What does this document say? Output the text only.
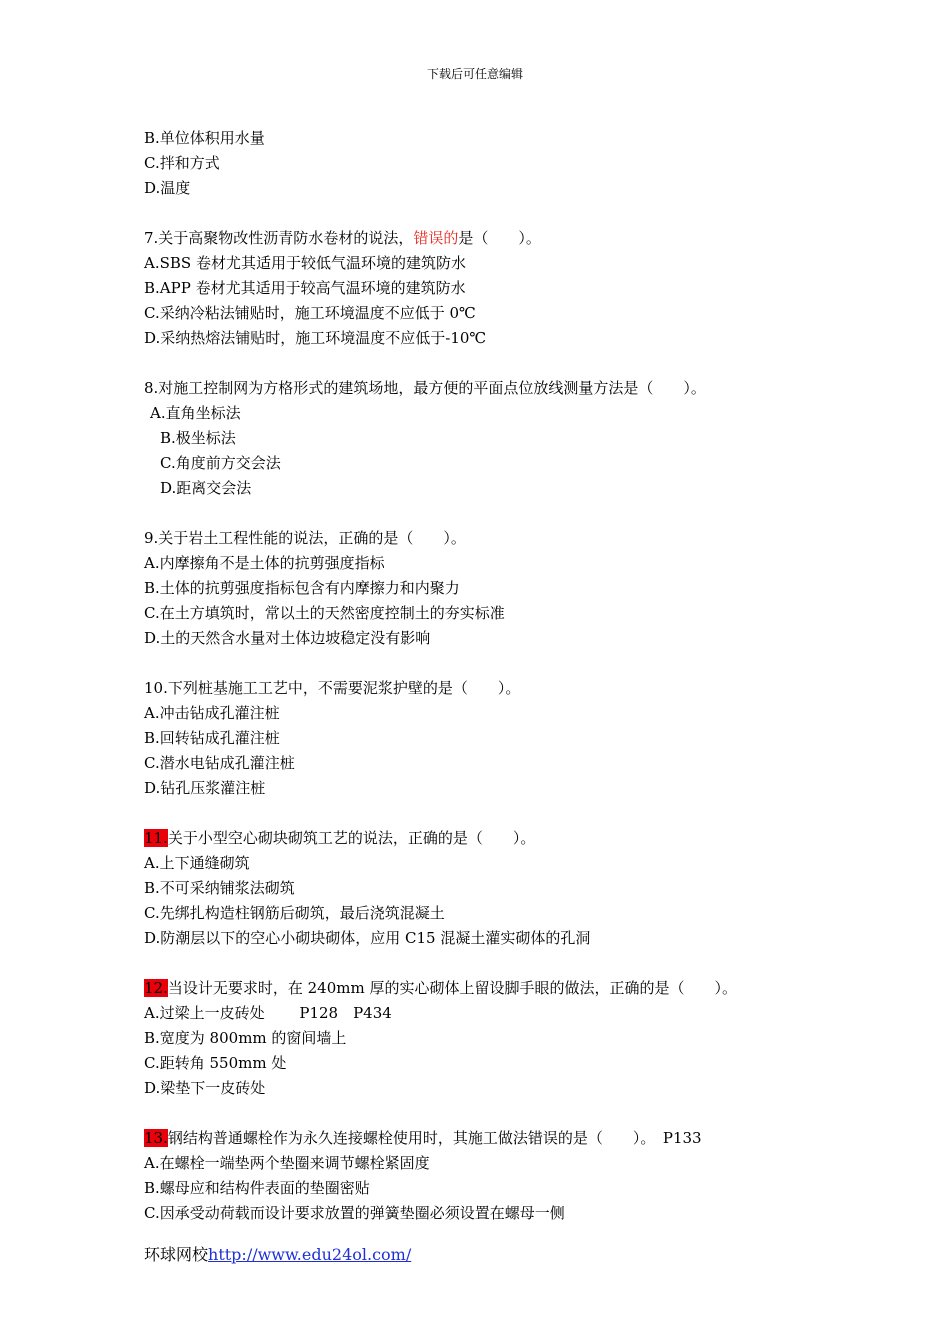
下载后可任意编辑
B.单位体积用水量
C.拌和方式
D.温度
7.关于高聚物改性沥青防水卷材的说法，错误的是（　　）。
A.SBS 卷材尤其适用于较低气温环境的建筑防水
B.APP 卷材尤其适用于较高气温环境的建筑防水
C.采纳冷粘法铺贴时，施工环境温度不应低于 0℃
D.采纳热熔法铺贴时，施工环境温度不应低于-10℃
8.对施工控制网为方格形式的建筑场地，最方便的平面点位放线测量方法是（　　）。
A.直角坐标法
B.极坐标法
C.角度前方交会法
D.距离交会法
9.关于岩土工程性能的说法，正确的是（　　）。
A.内摩擦角不是土体的抗剪强度指标
B.土体的抗剪强度指标包含有内摩擦力和内聚力
C.在土方填筑时，常以土的天然密度控制土的夯实标准
D.土的天然含水量对土体边坡稳定没有影响
10.下列桩基施工工艺中，不需要泥浆护壁的是（　　）。
A.冲击钻成孔灌注桩
B.回转钻成孔灌注桩
C.潜水电钻成孔灌注桩
D.钻孔压浆灌注桩
11.关于小型空心砌块砌筑工艺的说法，正确的是（　　）。
A.上下通缝砌筑
B.不可采纳铺浆法砌筑
C.先绑扎构造柱钢筋后砌筑，最后浇筑混凝土
D.防潮层以下的空心小砌块砌体，应用 C15 混凝土灌实砌体的孔洞
12.当设计无要求时，在 240mm 厚的实心砌体上留设脚手眼的做法，正确的是（　　）。
A.过梁上一皮砖处　　 P128　P434
B.宽度为 800mm 的窗间墙上
C.距转角 550mm 处
D.梁垫下一皮砖处
13.钢结构普通螺栓作为永久连接螺栓使用时，其施工做法错误的是（　　）。　P133
A.在螺栓一端垫两个垫圈来调节螺栓紧固度
B.螺母应和结构件表面的垫圈密贴
C.因承受动荷载而设计要求放置的弹簧垫圈必须设置在螺母一侧
环球网校http://www.edu24ol.com/
